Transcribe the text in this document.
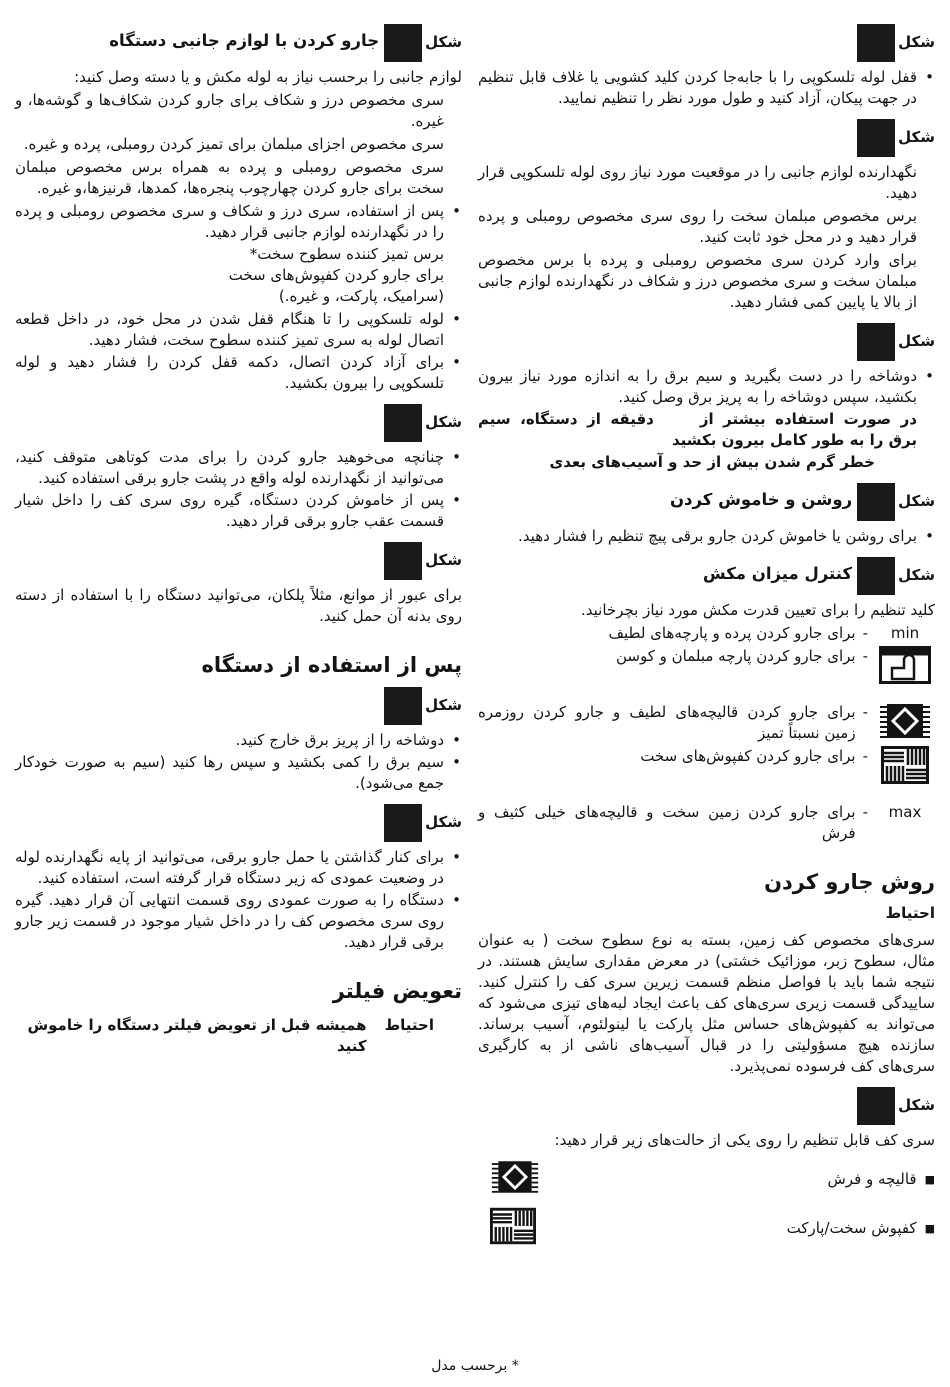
شكل
•
قفل لوله تلسکوپی را با جابه‌جا کردن کلید کشویی یا غلاف قابل تنظیم در جهت پیکان، آزاد کنید و طول مورد نظر را تنظیم نمایید.
شكل

نگهدارنده لوازم جانبی را در موقعیت مورد نیاز روی لوله تلسکوپی قرار دهید.

برس مخصوص مبلمان سخت را روی سری مخصوص رومبلی و پرده قرار دهید و در محل خود ثابت کنید.

برای وارد کردن سری مخصوص رومبلی و پرده با برس مخصوص مبلمان سخت و سری مخصوص درز و شکاف در نگهدارنده لوازم جانبی از بالا یا پایین کمی فشار دهید.

شكل
•
دوشاخه را در دست بگیرید و سیم برق را به اندازه مورد نیاز بیرون بکشید، سپس دوشاخه را به پریز برق وصل کنید.
در صورت استفاده بیشتر ازدقیقه از دستگاه، سیم برق را به طور کامل بیرون بکشید
خطر گرم شدن بیش از حد و آسیب‌های بعدی
شكل
روشن و خاموش کردن
•
برای روشن یا خاموش کردن جارو برقی پیچ تنظیم را فشار دهید.
شكل
کنترل میزان مکش

کلید تنظیم را برای تعیین قدرت مکش مورد نیاز بچرخانید.

min
-
برای جارو کردن پرده و پارچه‌های لطیف
-
برای جارو کردن پارچه مبلمان و کوسن
-
برای جارو کردن قالیچه‌های لطیف و جارو کردن روزمره زمین نسبتاً تمیز
-
برای جارو کردن کفپوش‌های سخت
max
-
برای جارو کردن زمین سخت و قالیچه‌های خیلی کثیف و فرش
روش جارو کردن
احتیاط

سری‌های مخصوص کف زمین، بسته به نوع سطوح سخت ( به عنوان مثال، سطوح زبر، موزائیک خشتی) در معرض مقداری سایش هستند. در نتیجه شما باید با فواصل منظم قسمت زیرین سری کف را کنترل کنید. ساییدگی قسمت زیری سری‌های کف باعث ایجاد لبه‌های تیزی می‌شود که می‌تواند به کفپوش‌های حساس مثل پارکت یا لینولئوم، آسیب برساند. سازنده هیچ مسؤولیتی را در قبال آسیب‌های ناشی از به کارگیری سری‌های کف فرسوده نمی‌پذیرد.

شكل

سری کف قابل تنظیم را روی یکی از حالت‌های زیر قرار دهید:

■
قالیچه و فرش
■
کفپوش سخت/پارکت
شكل
جارو کردن با لوازم جانبی دستگاه

لوازم جانبی را برحسب نیاز به لوله مکش و یا دسته وصل کنید:

سری مخصوص درز و شکاف برای جارو کردن شکاف‌ها و گوشه‌ها، و غیره.

سری مخصوص اجزای مبلمان برای تمیز کردن رومبلی، پرده و غیره.

سری مخصوص رومبلی و پرده به همراه برس مخصوص مبلمان سخت برای جارو کردن چهارچوب پنجره‌ها، کمدها، قرنیزها،و غیره.

•
پس از استفاده، سری درز و شکاف و سری مخصوص رومبلی و پرده را در نگهدارنده لوازم جانبی قرار دهید.

برس تمیز کننده سطوح سخت*

برای جارو کردن کفپوش‌های سخت

(سرامیک، پارکت، و غیره.)

•
لوله تلسکوپی را تا هنگام قفل شدن در محل خود، در داخل قطعه اتصال لوله به سری تمیز کننده سطوح سخت، فشار دهید.
•
برای آزاد کردن اتصال، دکمه قفل کردن را فشار دهید و لوله تلسکوپی را بیرون بکشید.
شكل
•
چنانچه می‌خوهید جارو کردن را برای مدت کوتاهی متوقف کنید، می‌توانید از نگهدارنده لوله واقع در پشت جارو برقی استفاده کنید.
•
پس از خاموش کردن دستگاه، گیره روی سری کف را داخل شیار قسمت عقب جارو برقی قرار دهید.
شكل

برای عبور از موانع، مثلاً پلکان، می‌توانید دستگاه را با استفاده از دسته روی بدنه آن حمل کنید.

پس از استفاده از دستگاه
شكل
•
دوشاخه را از پریز برق خارج کنید.
•
سیم برق را کمی بکشید و سپس رها کنید (سیم به صورت خودکار جمع می‌شود).
شكل
•
برای کنار گذاشتن یا حمل جارو برقی، می‌توانید از پایه نگهدارنده لوله در وضعیت عمودی که زیر دستگاه قرار گرفته است، استفاده کنید.
•
دستگاه را به صورت عمودی روی قسمت انتهایی آن قرار دهید. گیره روی سری مخصوص کف را در داخل شیار موجود در قسمت زیر جارو برقی قرار دهید.
تعویض فیلتر
احتیاط
همیشه قبل از تعویض فیلتر دستگاه را خاموش کنید
* برحسب مدل
